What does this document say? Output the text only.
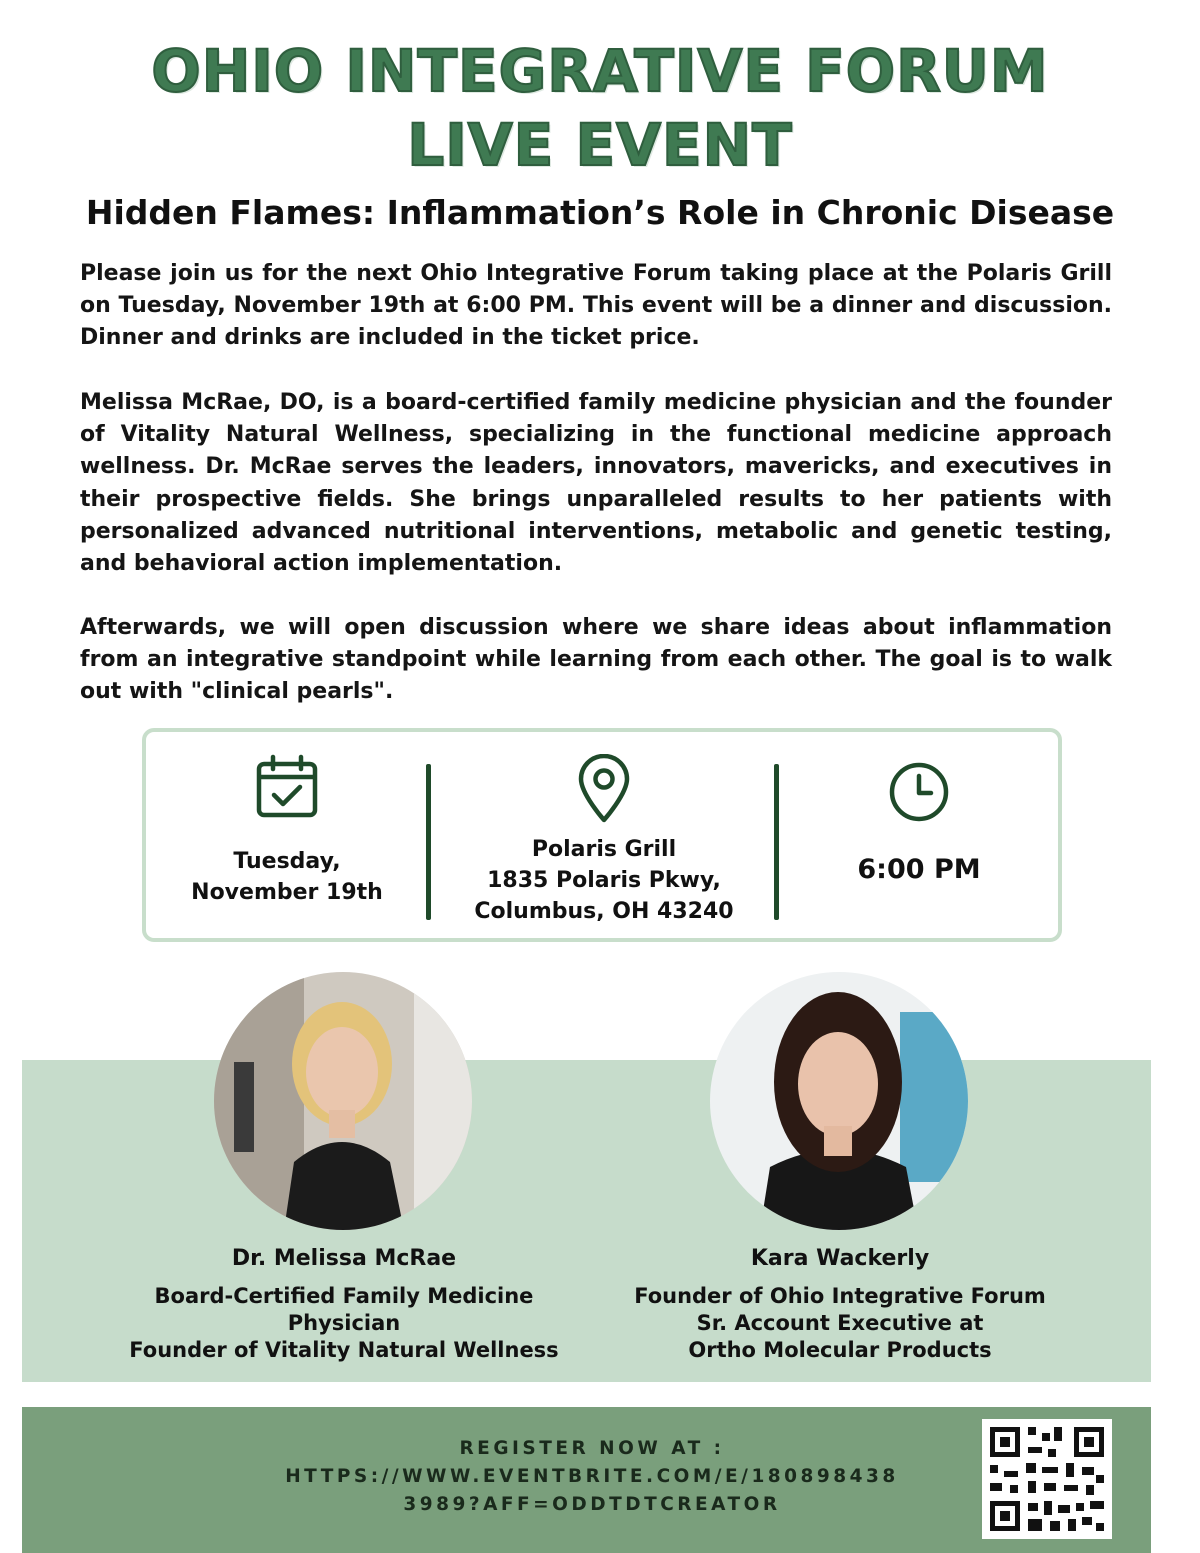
OHIO INTEGRATIVE FORUM
LIVE EVENT
Hidden Flames: Inflammation’s Role in Chronic Disease

Please join us for the next Ohio Integrative Forum taking place at the Polaris Grill on Tuesday, November 19th at 6:00 PM. This event will be a dinner and discussion. Dinner and drinks are included in the ticket price.

Melissa McRae, DO, is a board-certified family medicine physician and the founder of Vitality Natural Wellness, specializing in the functional medicine approach wellness. Dr. McRae serves the leaders, innovators, mavericks, and executives in their prospective fields. She brings unparalleled results to her patients with personalized advanced nutritional interventions, metabolic and genetic testing, and behavioral action implementation.

Afterwards, we will open discussion where we share ideas about inflammation from an integrative standpoint while learning from each other. The goal is to walk out with "clinical pearls".

Tuesday,
November 19th
Polaris Grill
1835 Polaris Pkwy,
Columbus, OH 43240
6:00 PM
Dr. Melissa McRae
Board-Certified Family Medicine
Physician
Founder of Vitality Natural Wellness
Kara Wackerly
Founder of Ohio Integrative Forum
Sr. Account Executive at
Ortho Molecular Products
REGISTER NOW AT :
HTTPS://WWW.EVENTBRITE.COM/E/180898438
3989?AFF=ODDTDTCREATOR
